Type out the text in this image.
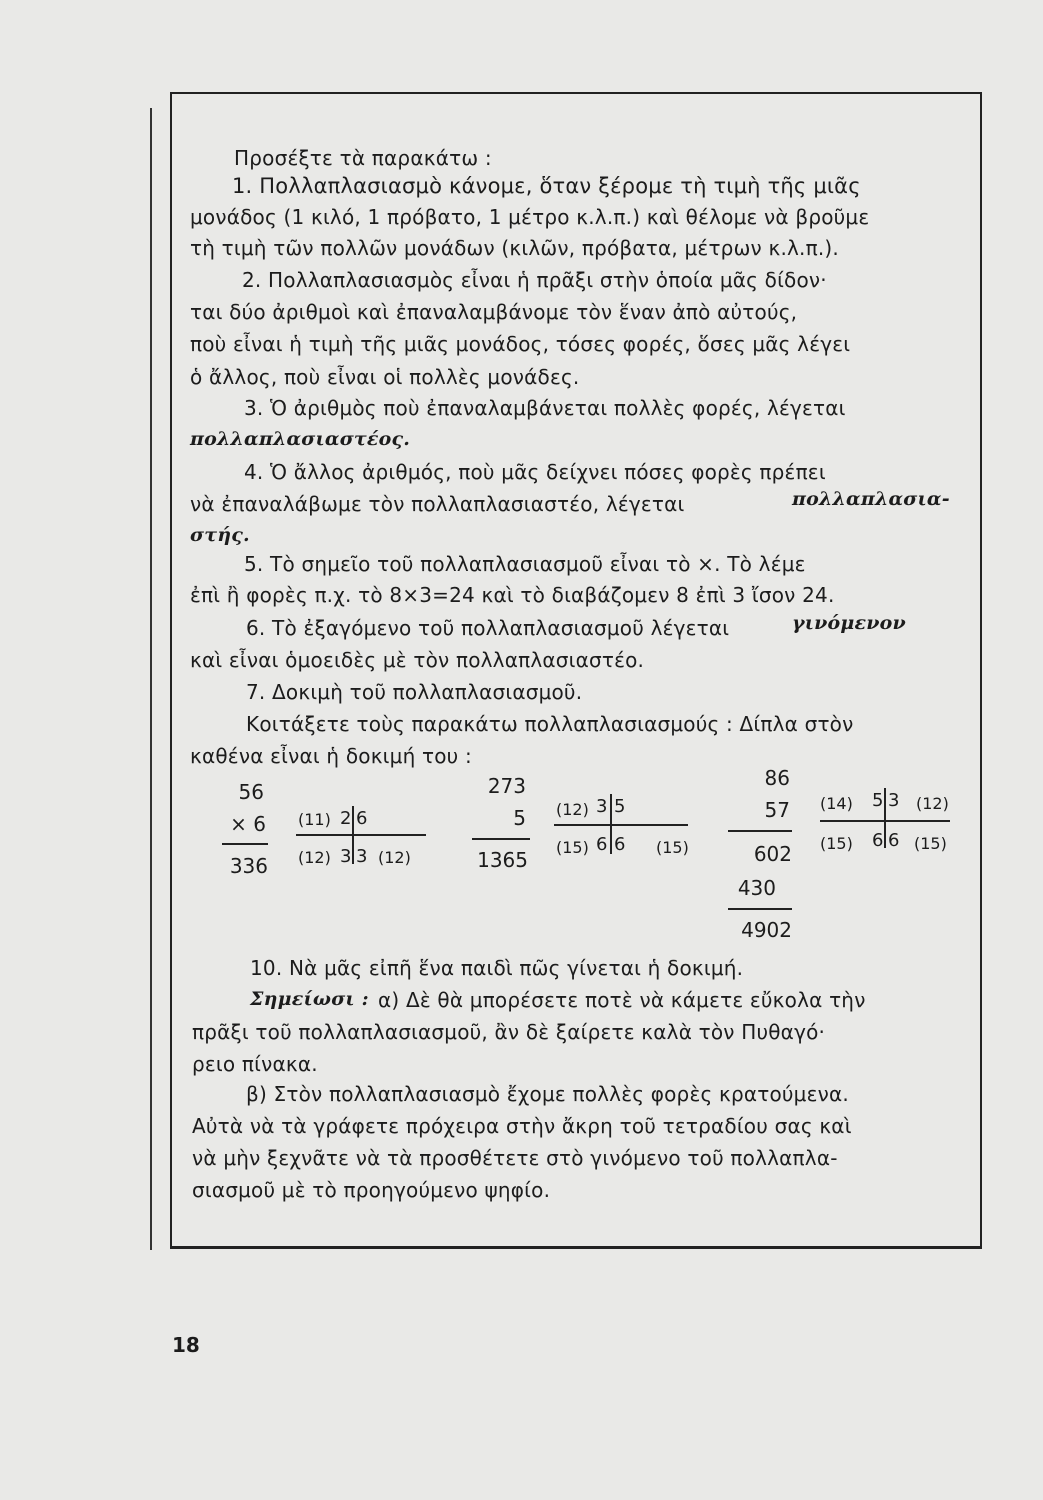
Προσέξτε τὰ παρακάτω :
1. Πολλαπλασιασμὸ κάνομε, ὅταν ξέρομε τὴ τιμὴ τῆς μιᾶς
μονάδος (1 κιλό, 1 πρόβατο, 1 μέτρο κ.λ.π.) καὶ θέλομε νὰ βροῦμε
τὴ τιμὴ τῶν πολλῶν μονάδων (κιλῶν, πρόβατα, μέτρων κ.λ.π.).
2. Πολλαπλασιασμὸς εἶναι ἡ πρᾶξι στὴν ὁποία μᾶς δίδον·
ται δύο ἀριθμοὶ καὶ ἐπαναλαμβάνομε τὸν ἕναν ἀπὸ αὐτούς,
ποὺ εἶναι ἡ τιμὴ τῆς μιᾶς μονάδος, τόσες φορές, ὅσες μᾶς λέγει
ὁ ἄλλος, ποὺ εἶναι οἱ πολλὲς μονάδες.
3. Ὁ ἀριθμὸς ποὺ ἐπαναλαμβάνεται πολλὲς φορές, λέγεται
πολλαπλασιαστέος.
4. Ὁ ἄλλος ἀριθμός, ποὺ μᾶς δείχνει πόσες φορὲς πρέπει
νὰ ἐπαναλάβωμε τὸν πολλαπλασιαστέο, λέγεται	πολλαπλασια-
στής.
5. Τὸ σημεῖο τοῦ πολλαπλασιασμοῦ εἶναι τὸ ×. Τὸ λέμε
ἐπὶ ἢ φορὲς π.χ. τὸ 8×3=24 καὶ τὸ διαβάζομεν 8 ἐπὶ 3 ἴσον 24.
6. Τὸ ἐξαγόμενο τοῦ πολλαπλασιασμοῦ λέγεται	γινόμενον
καὶ εἶναι ὁμοειδὲς μὲ τὸν πολλαπλασιαστέο.
7. Δοκιμὴ τοῦ πολλαπλασιασμοῦ.
Κοιτάξετε τοὺς παρακάτω πολλαπλασιασμούς : Δίπλα στὸν
καθένα εἶναι ἡ δοκιμή του :
56
× 6
336
(11) 2 6
(12) 3 3 (12)
273
5
1365
(12) 3 5
(15) 6 6 (15)
86
57
602
430
4902
(14) 5 3 (12)
(15) 6 6 (15)
10. Νὰ μᾶς εἰπῆ ἕνα παιδὶ πῶς γίνεται ἡ δοκιμή.
Σημείωσι : α) Δὲ θὰ μπορέσετε ποτὲ νὰ κάμετε εὔκολα τὴν
πρᾶξι τοῦ πολλαπλασιασμοῦ, ἂν δὲ ξαίρετε καλὰ τὸν Πυθαγό·
ρειο πίνακα.
β) Στὸν πολλαπλασιασμὸ ἔχομε πολλὲς φορὲς κρατούμενα.
Αὐτὰ νὰ τὰ γράφετε πρόχειρα στὴν ἄκρη τοῦ τετραδίου σας καὶ
νὰ μὴν ξεχνᾶτε νὰ τὰ προσθέτετε στὸ γινόμενο τοῦ πολλαπλα-
σιασμοῦ μὲ τὸ προηγούμενο ψηφίο.
18
